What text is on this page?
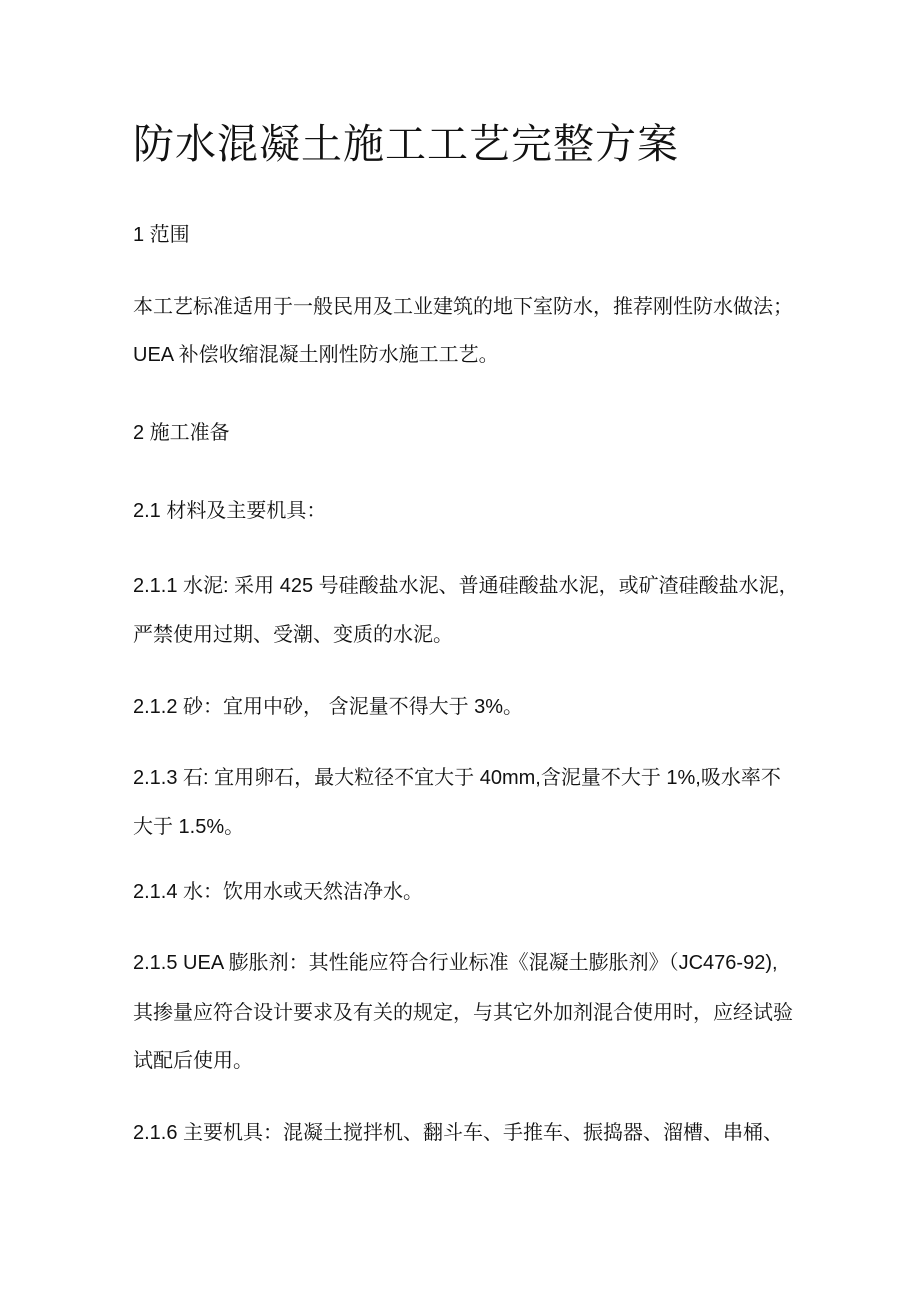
防水混凝土施工工艺完整方案

1 范围

本工艺标准适用于一般民用及工业建筑的地下室防水，推荐刚性防水做法；

UEA 补偿收缩混凝土刚性防水施工工艺。

2 施工准备

2.1 材料及主要机具：

2.1.1 水泥: 采用 425 号硅酸盐水泥、普通硅酸盐水泥，或矿渣硅酸盐水泥，

严禁使用过期、受潮、变质的水泥。

2.1.2 砂：宜用中砂， 含泥量不得大于 3%。

2.1.3 石: 宜用卵石，最大粒径不宜大于 40mm,含泥量不大于 1%,吸水率不

大于 1.5%。

2.1.4 水：饮用水或天然洁净水。

2.1.5 UEA 膨胀剂：其性能应符合行业标准《混凝土膨胀剂》（JC476-92),

其掺量应符合设计要求及有关的规定，与其它外加剂混合使用时，应经试验

试配后使用。

2.1.6 主要机具：混凝土搅拌机、翻斗车、手推车、振捣器、溜槽、串桶、
